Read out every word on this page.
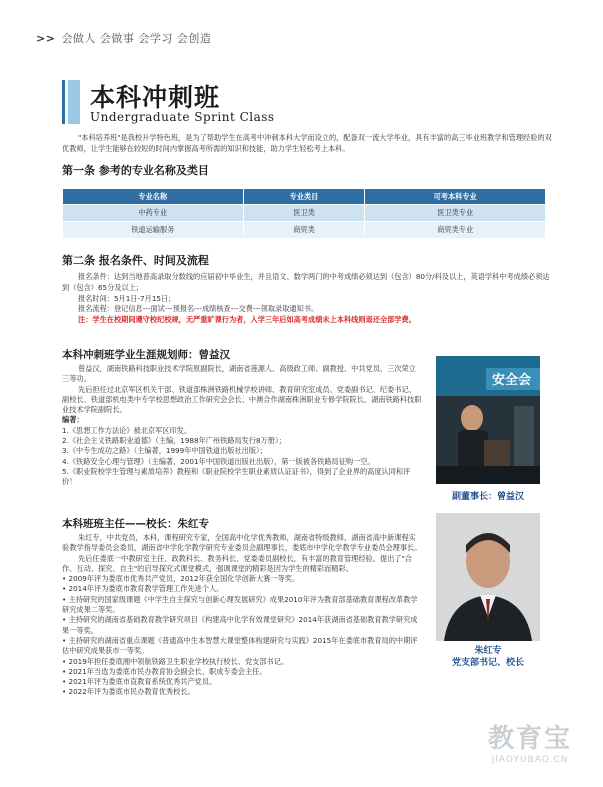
>> 会做人 会做事 会学习 会创造
本科冲刺班
Undergraduate Sprint Class

"本科培养班"是我校升学特色班，是为了帮助学生在高考中冲刺本科大学而设立的，配备双一流大学毕业，具有丰富的高三毕业班教学和管理经验的双优教师，让学生能够在较短的时间内掌握高考所需的知识和技能，助力学生轻松考上本科。

第一条 参考的专业名称及类目
专业名称	专业类目	可考本科专业
中药专业	医卫类	医卫类专业
铁道运输服务	商贸类	商贸类专业
第二条 报名条件、时间及流程

报名条件：达到当地普高录取分数线的应届初中毕业生，并且语文、数学两门的中考成绩必须达到（包含）80分/科及以上，英语学科中考成绩必须达到（包含）65分及以上；

报名时间：5月1日-7月15日；

报名流程：登记信息---面试---预报名---成绩核查---交费---领取录取通知书。

注：学生在校期间遵守校纪校规，无严重旷课行为者，入学三年后如高考成绩未上本科线则退还全部学费。

本科冲刺班学业生涯规划师：曾益汉

曾益汉，湖南铁路科技职业技术学院原副院长，湖南省莲源人、高级政工师、副教授、中共党员、三次荣立三等功。

先后担任过北京军区机关干部、铁道部株洲铁路机械学校讲师、教育研究室成员、党委副书记、纪委书记、副校长、铁道部机电类中专学校思想政治工作研究会会长、中澳合作湖南株洲职业专修学院院长、湖南铁路科技职业技术学院副院长。

编著：

1.《思想工作方法论》被北京军区印发。

2.《社会主义铁路职业道德》（主编，1988年广州铁路局发行8万册）；

3.《中专生成功之路》（主编著，1999年中国铁道出版社出版）；

4.《铁路安全心理与管理》（主编著，2001年中国铁道出版社出版），第一版被各铁路局征购一空。

5.《职业院校学生管理与素质培养》教程和《职业院校学生职业素质认证证书》，得到了企业界的高度认同和评价！

安全会
副董事长：曾益汉
本科班班主任——校长：朱红专

朱红专，中共党员，本科，课程研究专家，全国高中化学优秀教师，湖南省特级教师，湖南省高中新课程实验教学指导委员会委员，湖南省中学化学教学研究专业委员会副理事长，娄底市中学化学教学专业委员会理事长。

先后任娄底一中教研室主任、政教科长、教务科长、党委委员副校长，有丰富的教育管理经验。提出了"合作、互动、探究、自主"的启导探究式课堂模式，强调课堂的精彩是因为学生的精彩而精彩。

• 2009年评为娄底市优秀共产党员，2012年获全国化学创新大赛一等奖。

• 2014年评为娄底市教育教学管理工作先进个人。

• 主持研究的国家级课题《中学生自主探究与创新心理发展研究》成果2010年评为教育部基础教育课程改革教学研究成果二等奖。

• 主持研究的湖南省基础教育教学研究项目《构建高中化学有效课堂研究》2014年获湖南省基础教育教学研究成果一等奖。

• 主持研究的湖南省重点课题《普通高中生本智慧大课堂整体构建研究与实践》2015年在娄底市教育局的中期评估中研究成果获市一等奖。

• 2019年担任娄底湘中领航铁路卫生职业学校执行校长、党支部书记。

• 2021年当选为娄底市民办教育协会副会长、职成专委会主任。

• 2021年评为娄底市直教育系统优秀共产党员。

• 2022年评为娄底市民办教育优秀校长。

朱红专
党支部书记、校长
教育宝
JIAOYUBAO.CN
